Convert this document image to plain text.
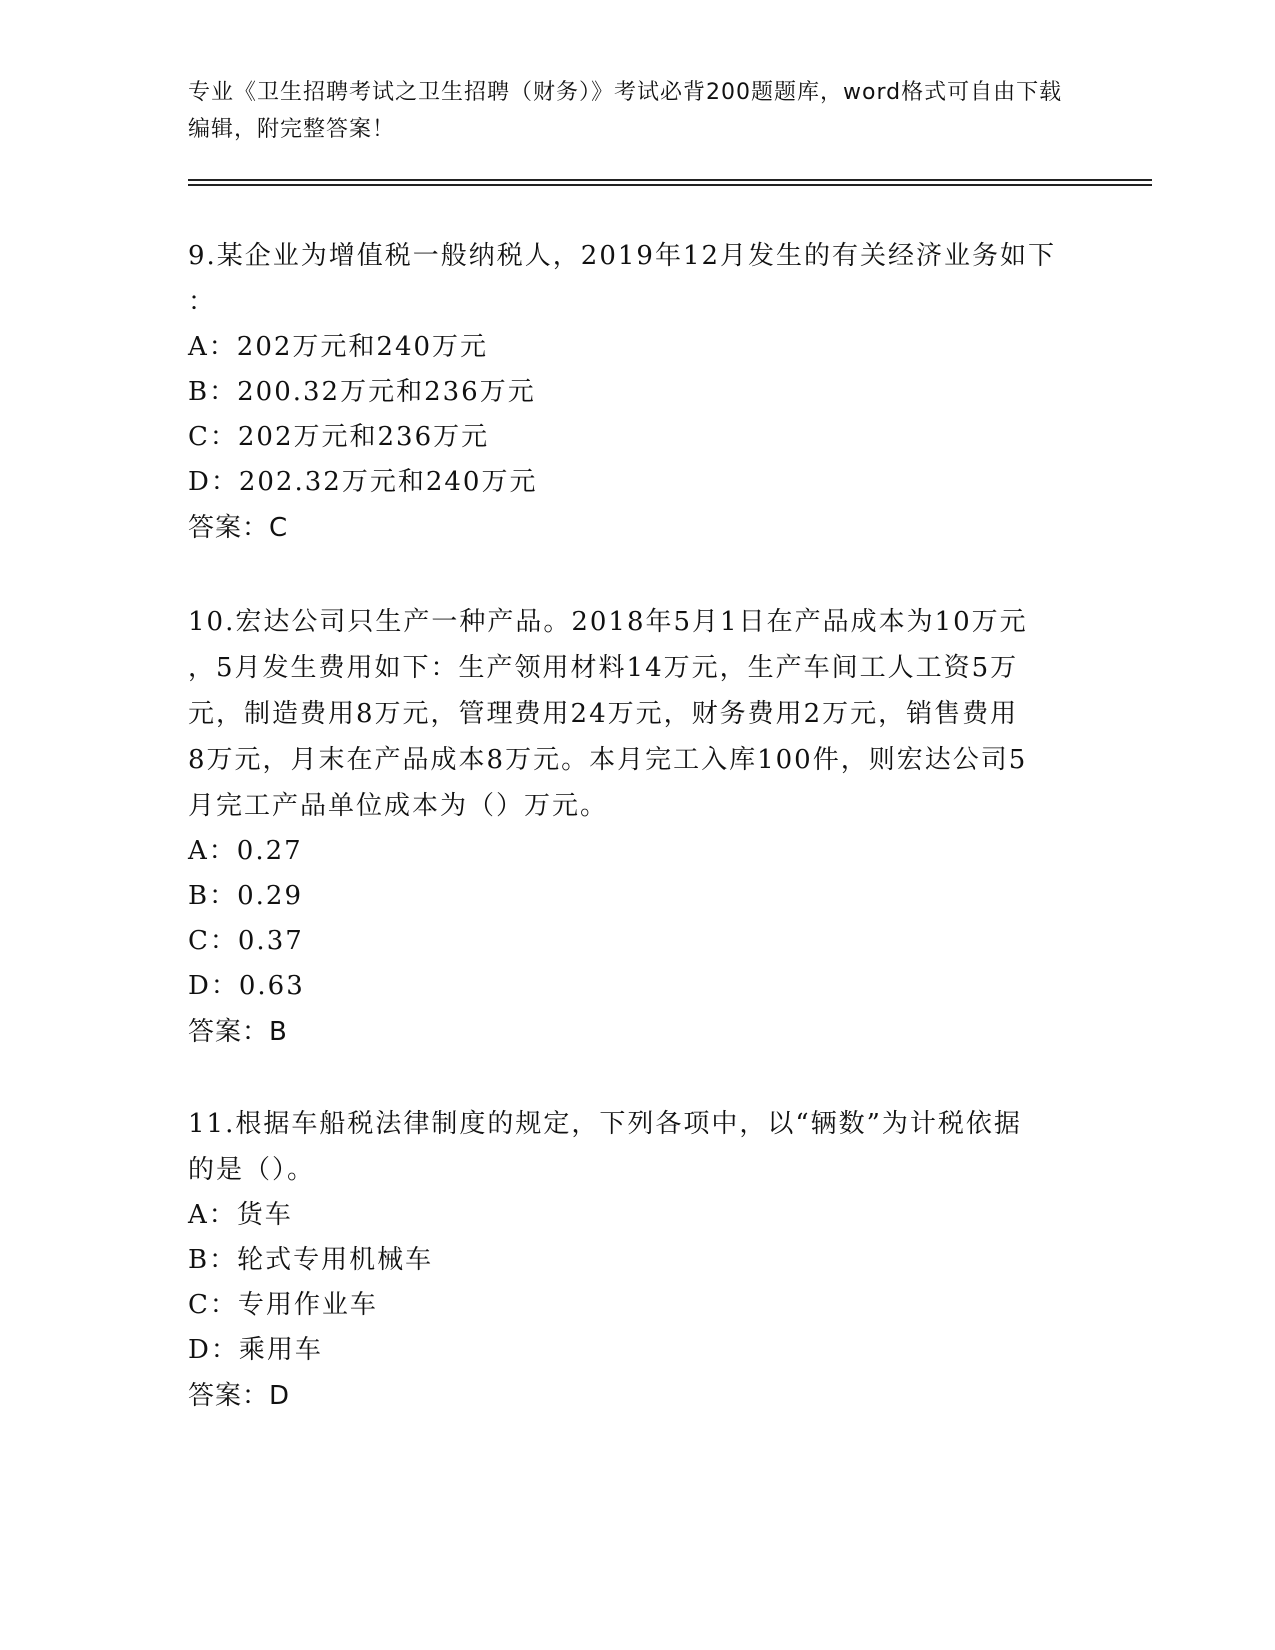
专业《卫生招聘考试之卫生招聘（财务）》考试必背200题题库，word格式可自由下载编辑，附完整答案！
9.某企业为增值税一般纳税人，2019年12月发生的有关经济业务如下
：
A：202万元和240万元
B：200.32万元和236万元
C：202万元和236万元
D：202.32万元和240万元
答案：C
10.宏达公司只生产一种产品。2018年5月1日在产品成本为10万元
，5月发生费用如下：生产领用材料14万元，生产车间工人工资5万
元，制造费用8万元，管理费用24万元，财务费用2万元，销售费用
8万元，月末在产品成本8万元。本月完工入库100件，则宏达公司5
月完工产品单位成本为（）万元。
A：0.27
B：0.29
C：0.37
D：0.63
答案：B
11.根据车船税法律制度的规定，下列各项中，以“辆数”为计税依据
的是（）。
A：货车
B：轮式专用机械车
C：专用作业车
D：乘用车
答案：D
